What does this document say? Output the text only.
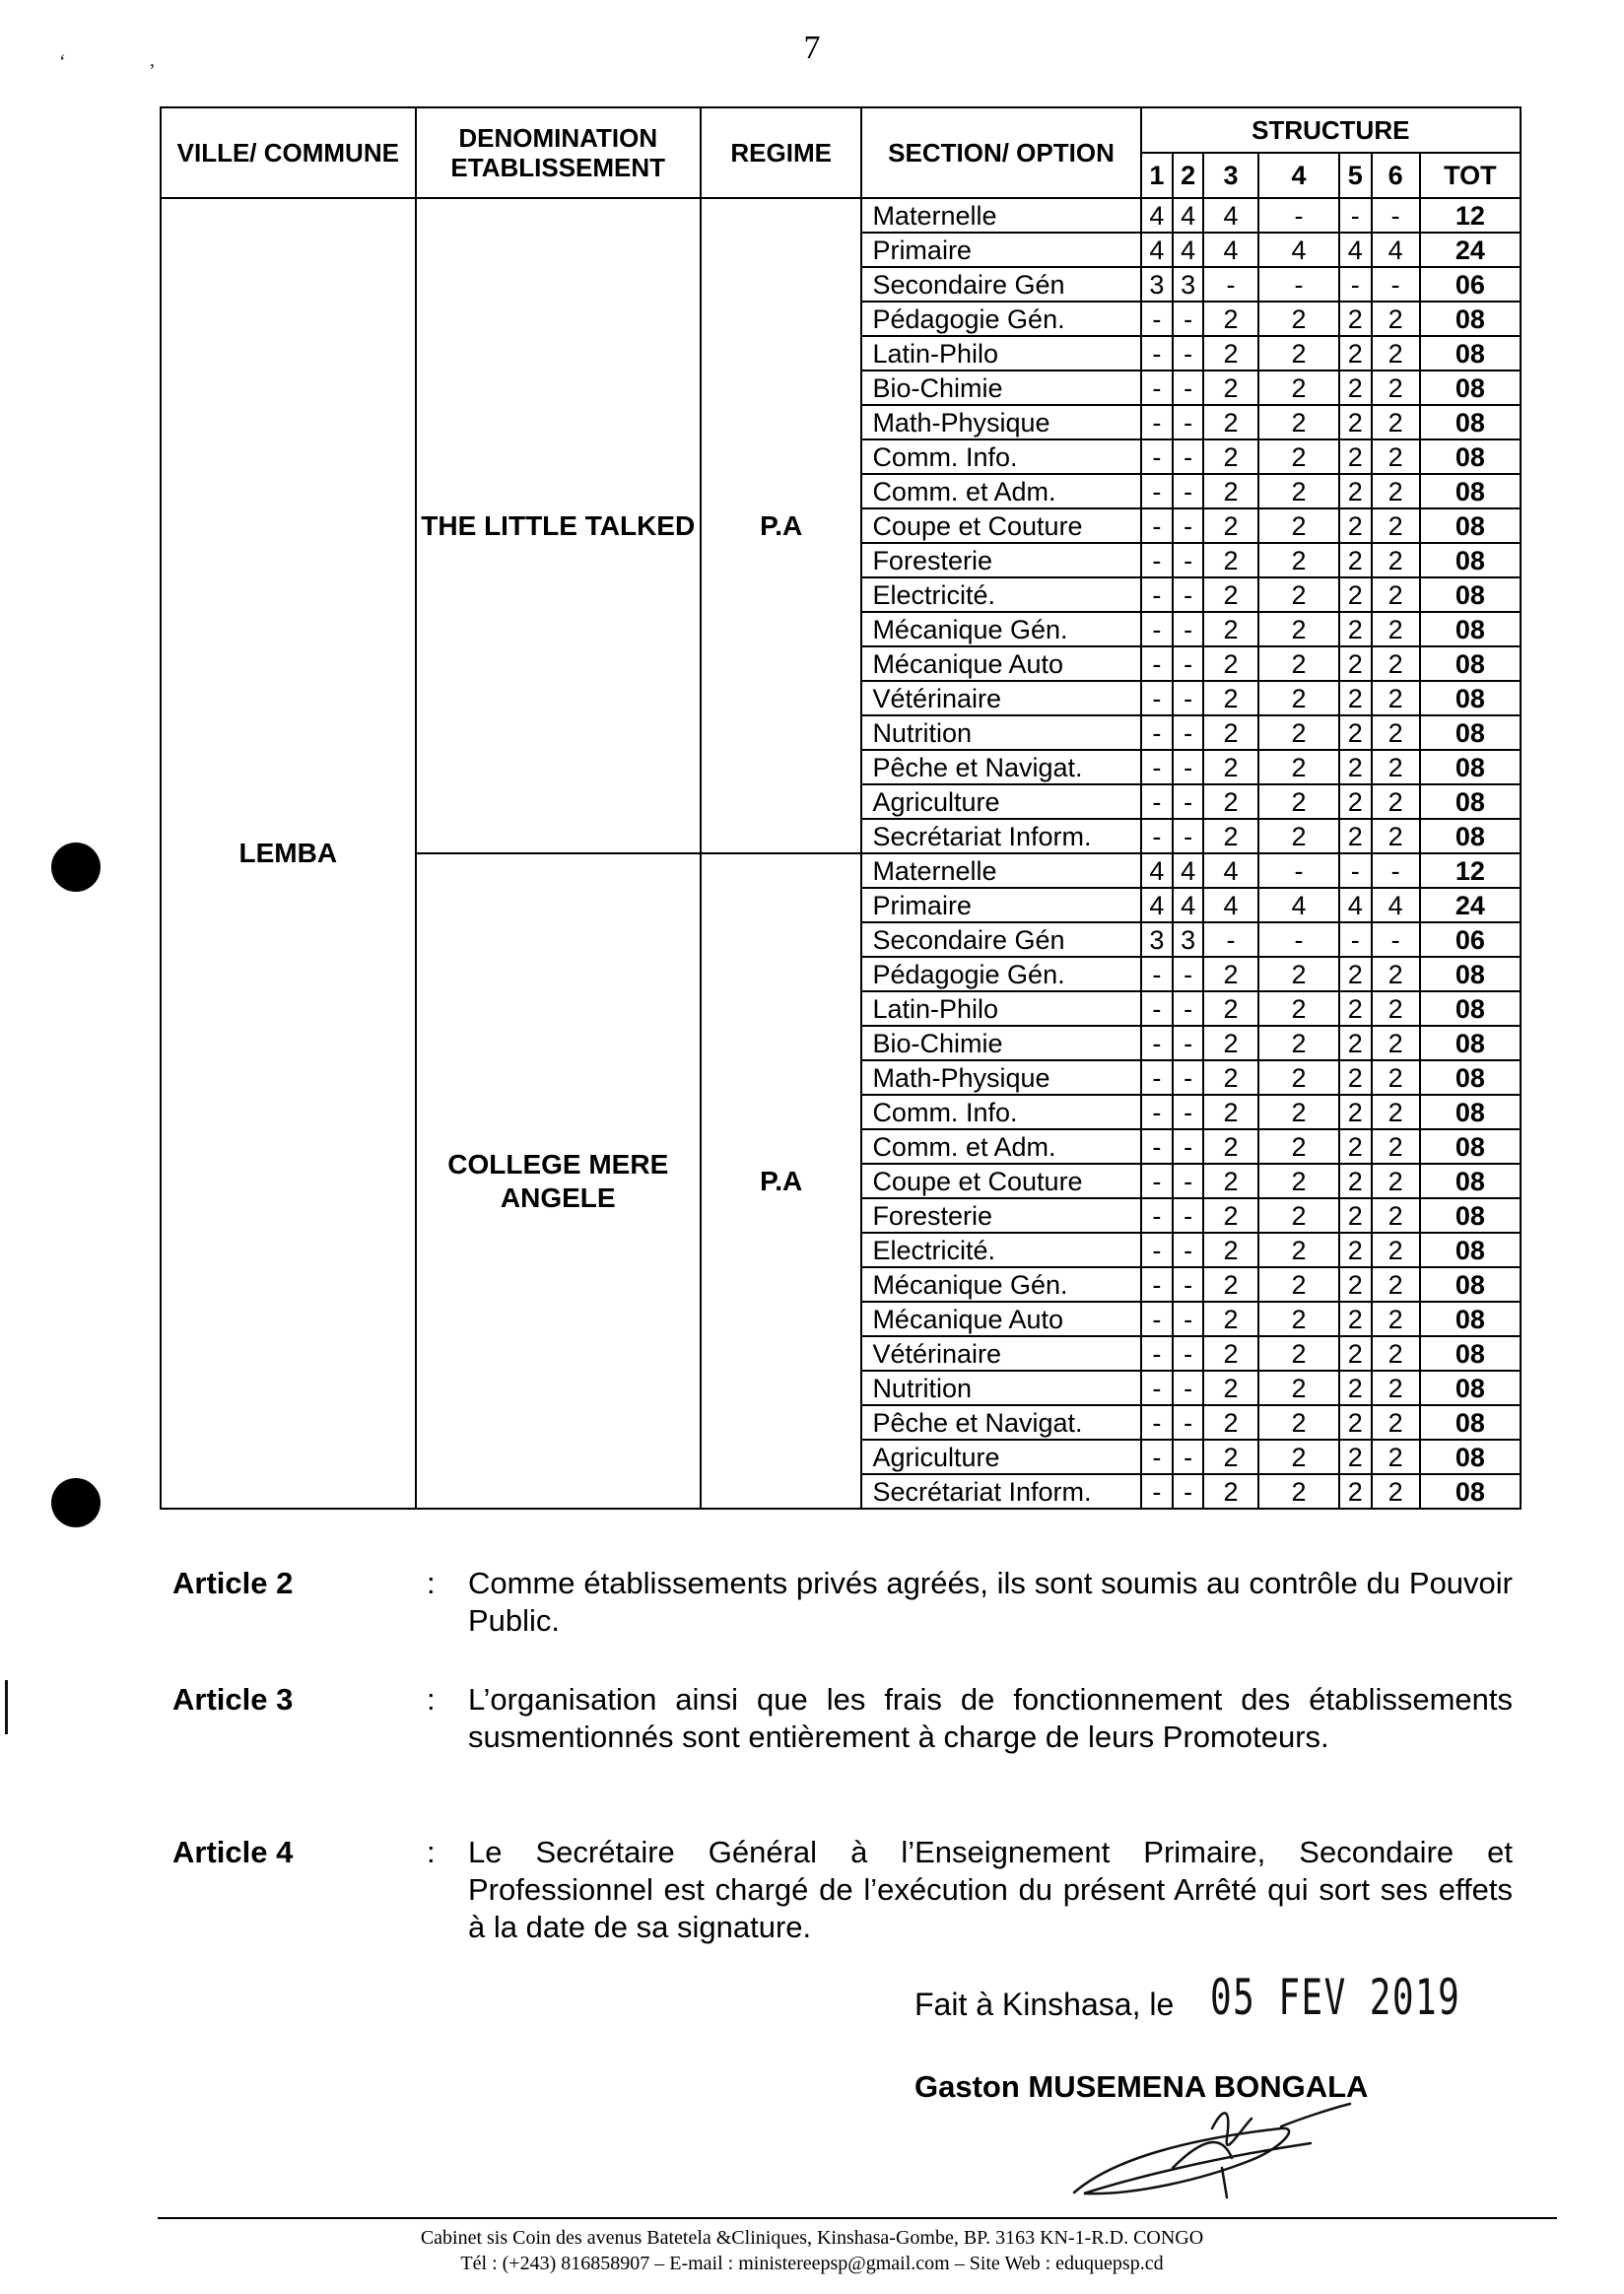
7
‘	,
VILLE/ COMMUNE	DENOMINATION ETABLISSEMENT	REGIME	SECTION/ OPTION	STRUCTURE						
				1	2	3	4	5	6	TOT
LEMBA	THE LITTLE TALKED	P.A	Maternelle	4	4	4	-	-	-	12
			Primaire	4	4	4	4	4	4	24
			Secondaire Gén	3	3	-	-	-	-	06
			Pédagogie Gén.	-	-	2	2	2	2	08
			Latin-Philo	-	-	2	2	2	2	08
			Bio-Chimie	-	-	2	2	2	2	08
			Math-Physique	-	-	2	2	2	2	08
			Comm. Info.	-	-	2	2	2	2	08
			Comm. et Adm.	-	-	2	2	2	2	08
			Coupe et Couture	-	-	2	2	2	2	08
			Foresterie	-	-	2	2	2	2	08
			Electricité.	-	-	2	2	2	2	08
			Mécanique Gén.	-	-	2	2	2	2	08
			Mécanique Auto	-	-	2	2	2	2	08
			Vétérinaire	-	-	2	2	2	2	08
			Nutrition	-	-	2	2	2	2	08
			Pêche et Navigat.	-	-	2	2	2	2	08
			Agriculture	-	-	2	2	2	2	08
			Secrétariat Inform.	-	-	2	2	2	2	08
	COLLEGE MERE ANGELE	P.A	Maternelle	4	4	4	-	-	-	12
			Primaire	4	4	4	4	4	4	24
			Secondaire Gén	3	3	-	-	-	-	06
			Pédagogie Gén.	-	-	2	2	2	2	08
			Latin-Philo	-	-	2	2	2	2	08
			Bio-Chimie	-	-	2	2	2	2	08
			Math-Physique	-	-	2	2	2	2	08
			Comm. Info.	-	-	2	2	2	2	08
			Comm. et Adm.	-	-	2	2	2	2	08
			Coupe et Couture	-	-	2	2	2	2	08
			Foresterie	-	-	2	2	2	2	08
			Electricité.	-	-	2	2	2	2	08
			Mécanique Gén.	-	-	2	2	2	2	08
			Mécanique Auto	-	-	2	2	2	2	08
			Vétérinaire	-	-	2	2	2	2	08
			Nutrition	-	-	2	2	2	2	08
			Pêche et Navigat.	-	-	2	2	2	2	08
			Agriculture	-	-	2	2	2	2	08
			Secrétariat Inform.	-	-	2	2	2	2	08
Article 2	: Comme établissements privés agréés, ils sont soumis au contrôle du Pouvoir Public.
Article 3	: L’organisation ainsi que les frais de fonctionnement des établissements susmentionnés sont entièrement à charge de leurs Promoteurs.
Article 4	: Le Secrétaire Général à l’Enseignement Primaire, Secondaire et Professionnel est chargé de l’exécution du présent Arrêté qui sort ses effets à la date de sa signature.
Fait à Kinshasa, le 05 FEV 2019
Gaston MUSEMENA BONGALA
Cabinet sis Coin des avenus Batetela &Cliniques, Kinshasa-Gombe, BP. 3163 KN-1-R.D. CONGO
Tél : (+243) 816858907 – E-mail : ministereepsp@gmail.com – Site Web : eduquepsp.cd
